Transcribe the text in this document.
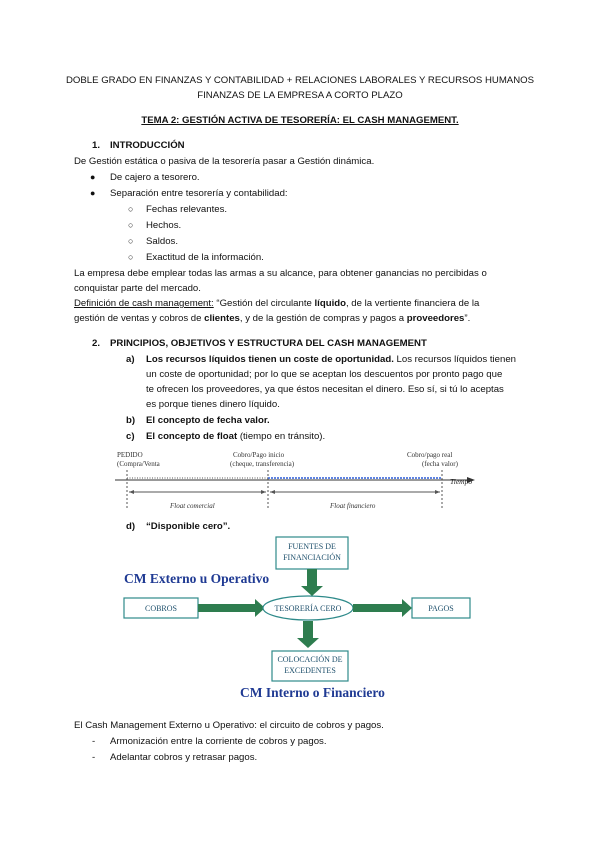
DOBLE GRADO EN FINANZAS Y CONTABILIDAD + RELACIONES LABORALES Y RECURSOS HUMANOS
FINANZAS DE LA EMPRESA A CORTO PLAZO
TEMA 2: GESTIÓN ACTIVA DE TESORERÍA: EL CASH MANAGEMENT.
1. INTRODUCCIÓN
De Gestión estática o pasiva de la tesorería pasar a Gestión dinámica.
● De cajero a tesorero.
● Separación entre tesorería y contabilidad:
○ Fechas relevantes.
○ Hechos.
○ Saldos.
○ Exactitud de la información.
La empresa debe emplear todas las armas a su alcance, para obtener ganancias no percibidas o
conquistar parte del mercado.
Definición de cash management: “Gestión del circulante líquido, de la vertiente financiera de la
gestión de ventas y cobros de clientes, y de la gestión de compras y pagos a proveedores”.
2. PRINCIPIOS, OBJETIVOS Y ESTRUCTURA DEL CASH MANAGEMENT
a) Los recursos líquidos tienen un coste de oportunidad. Los recursos líquidos tienen
un coste de oportunidad; por lo que se aceptan los descuentos por pronto pago que
te ofrecen los proveedores, ya que éstos necesitan el dinero. Eso sí, si tú lo aceptas
es porque tienes dinero líquido.
b) El concepto de fecha valor.
c) El concepto de float (tiempo en tránsito).
PEDIDO
(Compra/Venta
Cobro/Pago inicio
(cheque, transferencia)
Cobro/pago real
(fecha valor)
Tiempo
Float comercial	Float financiero
d) “Disponible cero”.
FUENTES DE
FINANCIACIÓN
CM Externo u Operativo
COBROS	TESORERÍA CERO	PAGOS
COLOCACIÓN DE
EXCEDENTES
CM Interno o Financiero
El Cash Management Externo u Operativo: el circuito de cobros y pagos.
- Armonización entre la corriente de cobros y pagos.
- Adelantar cobros y retrasar pagos.
